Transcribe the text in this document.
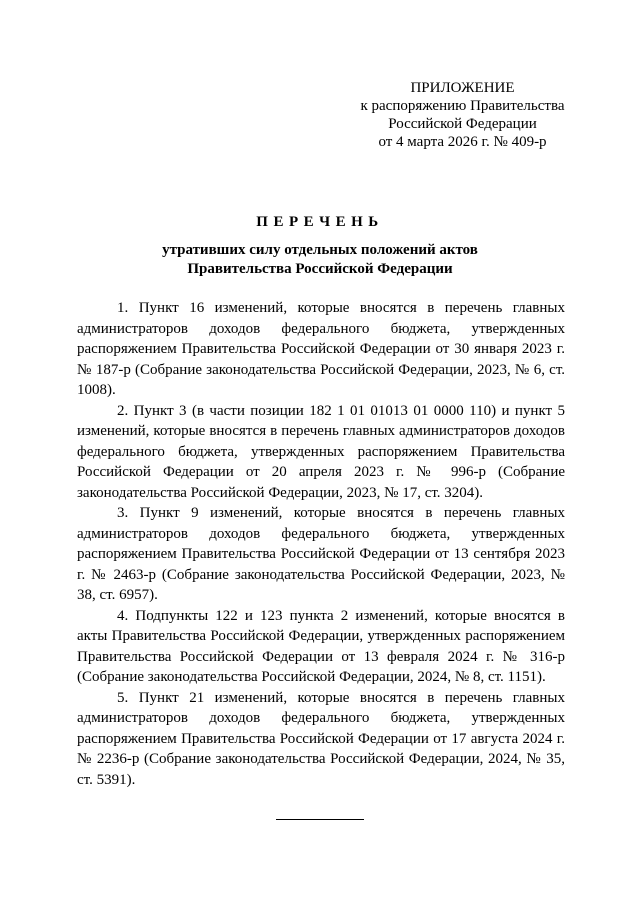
ПРИЛОЖЕНИЕ
к распоряжению Правительства
Российской Федерации
от 4 марта 2026 г. № 409-р
ПЕРЕЧЕНЬ
утративших силу отдельных положений актов
Правительства Российской Федерации

1. Пункт 16 изменений, которые вносятся в перечень главных администраторов доходов федерального бюджета, утвержденных распоряжением Правительства Российской Федерации от 30 января 2023 г. № 187-р (Собрание законодательства Российской Федерации, 2023, № 6, ст. 1008).

2. Пункт 3 (в части позиции 182 1 01 01013 01 0000 110) и пункт 5 изменений, которые вносятся в перечень главных администраторов доходов федерального бюджета, утвержденных распоряжением Правительства Российской Федерации от 20 апреля 2023 г. № 996-р (Собрание законодательства Российской Федерации, 2023, № 17, ст. 3204).

3. Пункт 9 изменений, которые вносятся в перечень главных администраторов доходов федерального бюджета, утвержденных распоряжением Правительства Российской Федерации от 13 сентября 2023 г. № 2463-р (Собрание законодательства Российской Федерации, 2023, № 38, ст. 6957).

4. Подпункты 122 и 123 пункта 2 изменений, которые вносятся в акты Правительства Российской Федерации, утвержденных распоряжением Правительства Российской Федерации от 13 февраля 2024 г. № 316-р (Собрание законодательства Российской Федерации, 2024, № 8, ст. 1151).

5. Пункт 21 изменений, которые вносятся в перечень главных администраторов доходов федерального бюджета, утвержденных распоряжением Правительства Российской Федерации от 17 августа 2024 г. № 2236-р (Собрание законодательства Российской Федерации, 2024, № 35, ст. 5391).
